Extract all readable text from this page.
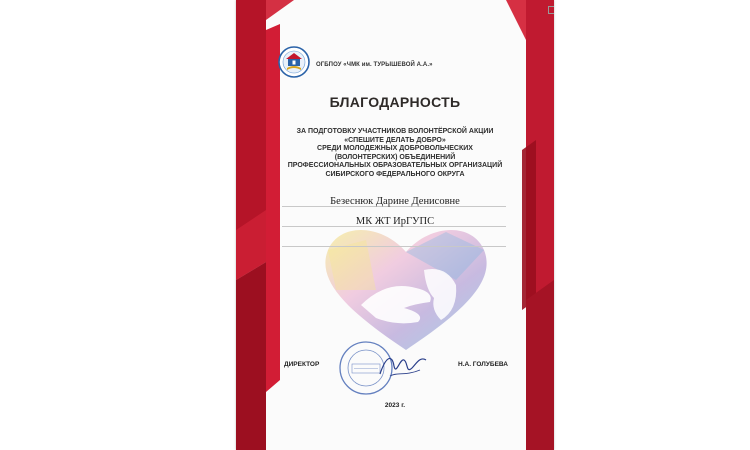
ОГБПОУ «ЧМК им. ТУРЫШЕВОЙ А.А.»
БЛАГОДАРНОСТЬ
ЗА ПОДГОТОВКУ УЧАСТНИКОВ ВОЛОНТЁРСКОЙ АКЦИИ
«СПЕШИТЕ ДЕЛАТЬ ДОБРО»
СРЕДИ МОЛОДЕЖНЫХ ДОБРОВОЛЬЧЕСКИХ
(ВОЛОНТЕРСКИХ) ОБЪЕДИНЕНИЙ
ПРОФЕССИОНАЛЬНЫХ ОБРАЗОВАТЕЛЬНЫХ ОРГАНИЗАЦИЙ
СИБИРСКОГО ФЕДЕРАЛЬНОГО ОКРУГА
Безеснюк Дарине Денисовне
МК ЖТ ИрГУПС
ДИРЕКТОР	Н.А. ГОЛУБЕВА
2023 г.
